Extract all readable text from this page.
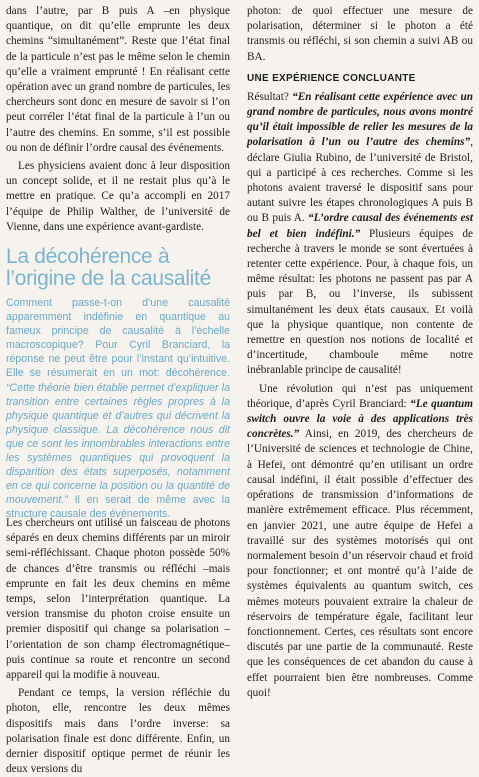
dans l’autre, par B puis A –en physique quantique, on dit qu’elle emprunte les deux chemins “simultanément”. Reste que l’état final de la particule n’est pas le même selon le chemin qu’elle a vraiment emprunté ! En réalisant cette opération avec un grand nombre de particules, les chercheurs sont donc en mesure de savoir si l’on peut corréler l’état final de la particule à l’un ou l’autre des chemins. En somme, s’il est possible ou non de définir l’ordre causal des événements.

Les physiciens avaient donc à leur disposition un concept solide, et il ne restait plus qu’à le mettre en pratique. Ce qu’a accompli en 2017 l’équipe de Philip Walther, de l’université de Vienne, dans une expérience avant-gardiste.

La décohérence à l’origine de la causalité

Comment passe-t-on d’une causalité apparemment indéfinie en quantique au fameux principe de causalité à l’échelle macroscopique? Pour Cyril Branciard, la réponse ne peut être pour l’instant qu’intuitive. Elle se résumerait en un mot: décohérence. “Cette théorie bien établie permet d’expliquer la transition entre certaines règles propres à la physique quantique et d’autres qui décrivent la physique classique. La décohérence nous dit que ce sont les innombrables interactions entre les systèmes quantiques qui provoquent la disparition des états superposés, notamment en ce qui concerne la position ou la quantité de mouvement.” Il en serait de même avec la structure causale des événements.

Les chercheurs ont utilisé un faisceau de photons séparés en deux chemins différents par un miroir semi-réfléchissant. Chaque photon possède 50% de chances d’être transmis ou réfléchi –mais emprunte en fait les deux chemins en même temps, selon l’interprétation quantique. La version transmise du photon croise ensuite un premier dispositif qui change sa polarisation –l’orientation de son champ électromagnétique–puis continue sa route et rencontre un second appareil qui la modifie à nouveau.

Pendant ce temps, la version réfléchie du photon, elle, rencontre les deux mêmes dispositifs mais dans l’ordre inverse: sa polarisation finale est donc différente. Enfin, un dernier dispositif optique permet de réunir les deux versions du

photon: de quoi effectuer une mesure de polarisation, déterminer si le photon a été transmis ou réfléchi, si son chemin a suivi AB ou BA.

UNE EXPÉRIENCE CONCLUANTE

Résultat? “En réalisant cette expérience avec un grand nombre de particules, nous avons montré qu’il était impossible de relier les mesures de la polarisation à l’un ou l’autre des chemins”, déclare Giulia Rubino, de l’université de Bristol, qui a participé à ces recherches. Comme si les photons avaient traversé le dispositif sans pour autant suivre les étapes chronologiques A puis B ou B puis A. “L’ordre causal des événements est bel et bien indéfini.” Plusieurs équipes de recherche à travers le monde se sont évertuées à retenter cette expérience. Pour, à chaque fois, un même résultat: les photons ne passent pas par A puis par B, ou l’inverse, ils subissent simultanément les deux états causaux. Et voilà que la physique quantique, non contente de remettre en question nos notions de localité et d’incertitude, chamboule même notre inébranlable principe de causalité!

Une révolution qui n’est pas uniquement théorique, d’après Cyril Branciard: “Le quantum switch ouvre la voie à des applications très concrètes.” Ainsi, en 2019, des chercheurs de l’Université de sciences et technologie de Chine, à Hefei, ont démontré qu’en utilisant un ordre causal indéfini, il était possible d’effectuer des opérations de transmission d’informations de manière extrêmement efficace. Plus récemment, en janvier 2021, une autre équipe de Hefei a travaillé sur des systèmes motorisés qui ont normalement besoin d’un réservoir chaud et froid pour fonctionner; et ont montré qu’à l’aide de systèmes équivalents au quantum switch, ces mêmes moteurs pouvaient extraire la chaleur de réservoirs de température égale, facilitant leur fonctionnement. Certes, ces résultats sont encore discutés par une partie de la communauté. Reste que les conséquences de cet abandon du cause à effet pourraient bien être nombreuses. Comme quoi!
